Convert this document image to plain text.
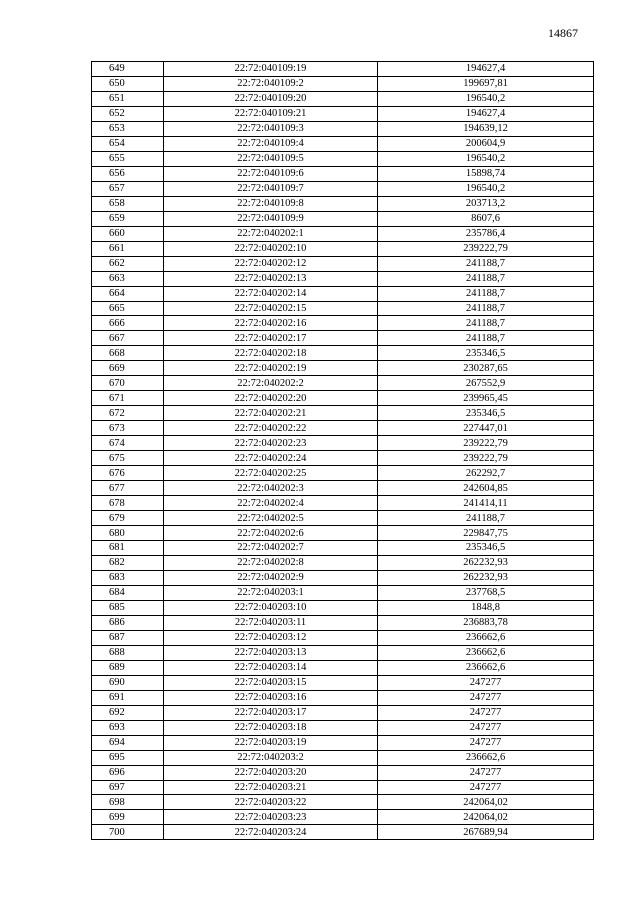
14867
649	22:72:040109:19	194627,4
650	22:72:040109:2	199697,81
651	22:72:040109:20	196540,2
652	22:72:040109:21	194627,4
653	22:72:040109:3	194639,12
654	22:72:040109:4	200604,9
655	22:72:040109:5	196540,2
656	22:72:040109:6	15898,74
657	22:72:040109:7	196540,2
658	22:72:040109:8	203713,2
659	22:72:040109:9	8607,6
660	22:72:040202:1	235786,4
661	22:72:040202:10	239222,79
662	22:72:040202:12	241188,7
663	22:72:040202:13	241188,7
664	22:72:040202:14	241188,7
665	22:72:040202:15	241188,7
666	22:72:040202:16	241188,7
667	22:72:040202:17	241188,7
668	22:72:040202:18	235346,5
669	22:72:040202:19	230287,65
670	22:72:040202:2	267552,9
671	22:72:040202:20	239965,45
672	22:72:040202:21	235346,5
673	22:72:040202:22	227447,01
674	22:72:040202:23	239222,79
675	22:72:040202:24	239222,79
676	22:72:040202:25	262292,7
677	22:72:040202:3	242604,85
678	22:72:040202:4	241414,11
679	22:72:040202:5	241188,7
680	22:72:040202:6	229847,75
681	22:72:040202:7	235346,5
682	22:72:040202:8	262232,93
683	22:72:040202:9	262232,93
684	22:72:040203:1	237768,5
685	22:72:040203:10	1848,8
686	22:72:040203:11	236883,78
687	22:72:040203:12	236662,6
688	22:72:040203:13	236662,6
689	22:72:040203:14	236662,6
690	22:72:040203:15	247277
691	22:72:040203:16	247277
692	22:72:040203:17	247277
693	22:72:040203:18	247277
694	22:72:040203:19	247277
695	22:72:040203:2	236662,6
696	22:72:040203:20	247277
697	22:72:040203:21	247277
698	22:72:040203:22	242064,02
699	22:72:040203:23	242064,02
700	22:72:040203:24	267689,94
